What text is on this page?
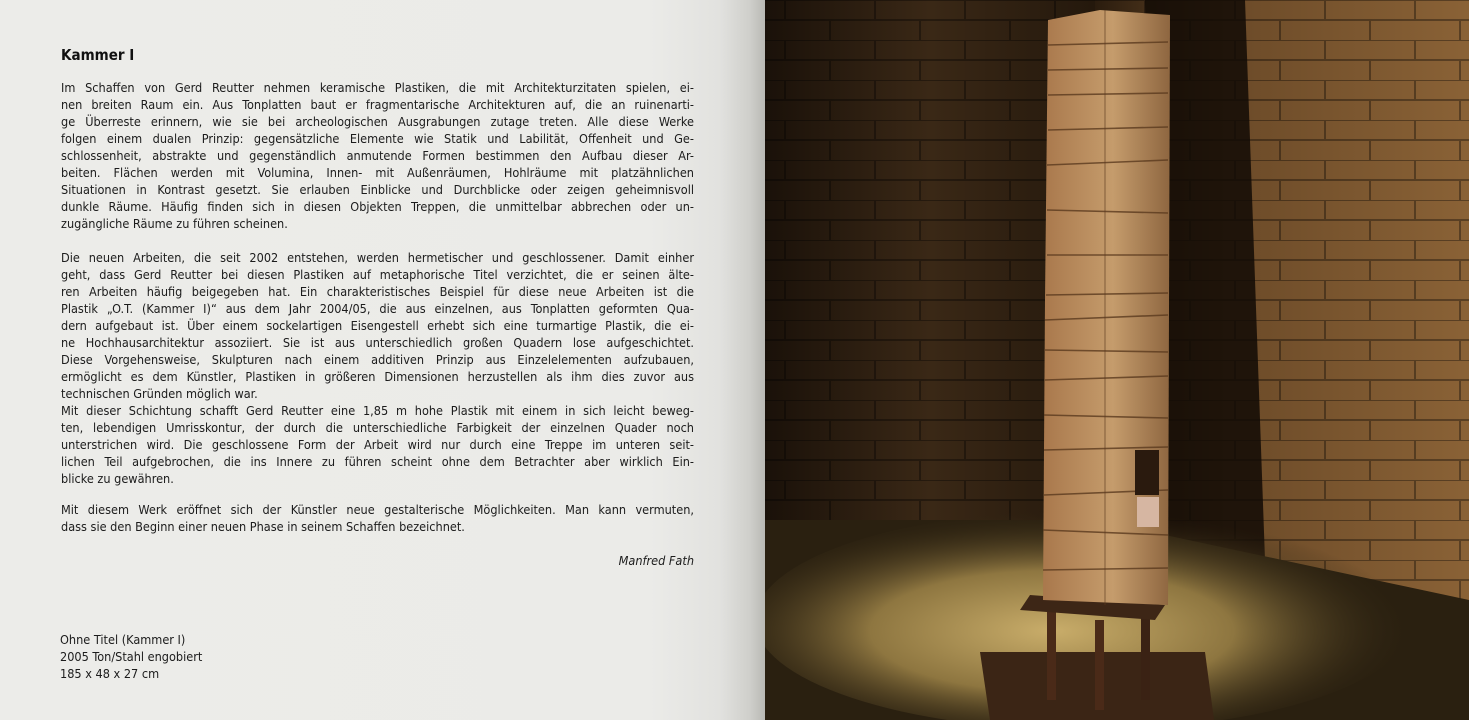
Kammer I
Im Schaffen von Gerd Reutter nehmen keramische Plastiken, die mit Architekturzitaten spielen, ei-
nen breiten Raum ein. Aus Tonplatten baut er fragmentarische Architekturen auf, die an ruinenarti-
ge Überreste erinnern, wie sie bei archeologischen Ausgrabungen zutage treten. Alle diese Werke
folgen einem dualen Prinzip: gegensätzliche Elemente wie Statik und Labilität, Offenheit und Ge-
schlossenheit, abstrakte und gegenständlich anmutende Formen bestimmen den Aufbau dieser Ar-
beiten. Flächen werden mit Volumina, Innen- mit Außenräumen, Hohlräume mit platzähnlichen
Situationen in Kontrast gesetzt. Sie erlauben Einblicke und Durchblicke oder zeigen geheimnisvoll
dunkle Räume. Häufig finden sich in diesen Objekten Treppen, die unmittelbar abbrechen oder un-
zugängliche Räume zu führen scheinen.
Die neuen Arbeiten, die seit 2002 entstehen, werden hermetischer und geschlossener. Damit einher
geht, dass Gerd Reutter bei diesen Plastiken auf metaphorische Titel verzichtet, die er seinen älte-
ren Arbeiten häufig beigegeben hat. Ein charakteristisches Beispiel für diese neue Arbeiten ist die
Plastik „O.T. (Kammer I)“ aus dem Jahr 2004/05, die aus einzelnen, aus Tonplatten geformten Qua-
dern aufgebaut ist. Über einem sockelartigen Eisengestell erhebt sich eine turmartige Plastik, die ei-
ne Hochhausarchitektur assoziiert. Sie ist aus unterschiedlich großen Quadern lose aufgeschichtet.
Diese Vorgehensweise, Skulpturen nach einem additiven Prinzip aus Einzelelementen aufzubauen,
ermöglicht es dem Künstler, Plastiken in größeren Dimensionen herzustellen als ihm dies zuvor aus
technischen Gründen möglich war.
Mit dieser Schichtung schafft Gerd Reutter eine 1,85 m hohe Plastik mit einem in sich leicht beweg-
ten, lebendigen Umrisskontur, der durch die unterschiedliche Farbigkeit der einzelnen Quader noch
unterstrichen wird. Die geschlossene Form der Arbeit wird nur durch eine Treppe im unteren seit-
lichen Teil aufgebrochen, die ins Innere zu führen scheint ohne dem Betrachter aber wirklich Ein-
blicke zu gewähren.
Mit diesem Werk eröffnet sich der Künstler neue gestalterische Möglichkeiten. Man kann vermuten,
dass sie den Beginn einer neuen Phase in seinem Schaffen bezeichnet.
Manfred Fath
Ohne Titel (Kammer I)
2005 Ton/Stahl engobiert
185 x 48 x 27 cm
